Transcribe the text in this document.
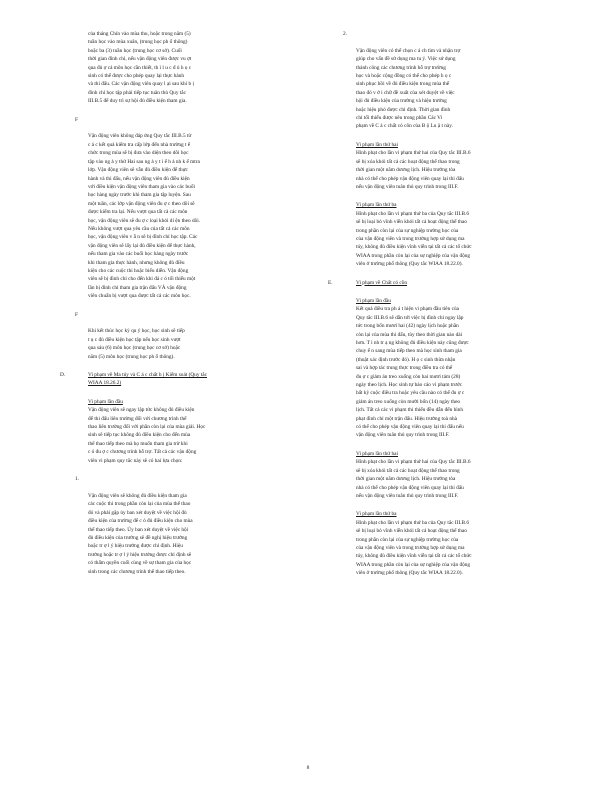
của tháng Chín vào mùa thu, hoặc trong năm (5)
tuần học vào mùa xuân, (trung học ph ố thông)
hoặc ba (3) tuần học (trung học cơ sở). Cuối
thời gian đình chỉ, nếu vận động viên được vu ợt
qua đủ ợ cả môn học cần thiết, th ì l u c đ ủ h ọ c
sinh có thể được cho phép quay lại thực hành
và thi đấu. Các vận động viên quay l ại sau khi b ị
đình chỉ học tập phải tiếp tục tuân thủ Quy tắc
III.B.5 để duy trì sự hội đủ điều kiện tham gia.

F

Vận động viên không đáp ứng Quy tắc III.B.5 từ
c ả c kết quả kiểm tra cấp lớp đến nhà trường t ể
chức trong mùa sẽ bị đưa vào diện theo dõi học
tập vào ng ả y thứ Hai sau ng ả y t i ế h ả nh k ế mtra
lớp. Vận động viên sẽ vẫn đủ điều kiện để thực
hành và thi đấu, nếu vận động viên đủ điều kiện
với điều kiện vận động viên tham gia vào các buổi
học hàng ngày trước khi tham gia tập luyện. Sau
một tuần, các lớp vận động viên đu ợ c theo dõi sẽ
được kiểm tra lại. Nếu vượt qua tất cả các môn
học, vận động viên sẽ đu ợ c loại khỏi di ện theo dõi.
Nếu không vượt qua yêu cầu của tất cả các môn
học, vận động viên v ẫ n sẽ bị đình chỉ học tập. Các
vận động viên sẽ lấy lại đủ điều kiện để thực hành,
nếu tham gia vào các buổi học hàng ngày trước
khi tham gia thực hành, nhưng không đủ điều
kiện cho các cuộc thi hoặc biểu diễn. Vận động
viên sẽ bị đình chỉ cho đến khi đá c ó tối thiểu một
lần bị đình chỉ tham gia trận đấu VÀ vận động
viên chuẩn bị vượt qua được tất cả các môn học.

F

Khi kết thúc học kỳ qu ý học, học sinh sẽ tiếp
t ụ c đủ điều kiện học tập nếu học sinh vượt
qua sáu (6) môn học (trung học cơ sở) hoặc
năm (5) môn học (trung học ph ổ thông).

D.	Vi phạm về Ma túy và C á c chất b ị Kiểm soát (Quy tắc
WIAA 18.26.2)

Vi phạm lần đầu

Vận động viên sẽ ngay lập tức không đủ điều kiện
để thi đấu liên trường đối với chương trình thể
thao liên trường đối với phần còn lại của mùa giải. Học
sinh sẽ tiếp tục không đủ điều kiện cho đến mùa
thể thao tiếp theo mà họ muốn tham gia trừ khi
c ó đu ợ c chương trình hỗ trợ. Tất cả các vận động
viên vi phạm quy tắc này sẽ có hai lựa chọn:

1.

Vận động viên sẽ không đủ điều kiện tham gia
các cuộc thi trong phần còn lại của mùa thể thao
đó và phải gặp ủy ban xét duyệt về việc hội đủ
điều kiện của trường để c ó đủ điều kiện cho mùa
thể thao tiếp theo. Ủy ban xét duyệt về việc hội
đủ điều kiện của trường sẽ đề nghị hiệu trưởng
hoặc tr ợ l ý hiệu trưởng được chỉ định. Hiệu
trưởng hoặc tr ợ l ý hiệu trưởng được chỉ định sẽ
có thẩm quyền cuối cùng về sự tham gia của học
sinh trong các chương trình thể thao tiếp theo.

2.

Vận động viên có thể chọn c á ch tìm và nhận trợ
giúp cho vấn đề sử dụng ma tu ý. Việc sử dụng
thành công các chương trình hỗ trợ trường
học và hoặc cộng đồng có thể cho phép h ọ c
sinh phục hồi về đủ điều kiện trong mùa thể
thao đó v ớ i chữ đề xuất của xét duyệt về việc
hội đủ điều kiện của trường và hiệu trưởng
hoặc hiệu phó được chỉ định. Thời gian đình
chỉ tối thiểu được nêu trong phần Các Vi
phạm về C á c chất có côn của B ộ Lu ậ t này.

Vi phạm lần thứ hai

Hình phạt cho lần vi phạm thứ hai của Quy tắc III.B.6
sẽ bị xóa khỏi tất cả các hoạt động thể thao trong
thời gian một năm dương lịch. Hiệu trưởng tòa
nhà có thể cho phép vận động viên quay lại thi đấu
nếu vận động viên tuân thủ quy trình trong III.F.

Vi phạm lần thứ ba

Hình phạt cho lần vi phạm thứ ba của Quy tắc III.B.6
sẽ bị loại bỏ vĩnh viễn khỏi tất cả hoạt động thể thao
trong phần còn lại của sự nghiệp trường học của
của vận động viên và trong trường hợp sử dụng ma
túy, không đủ điều kiện vĩnh viễn tại tất cả các tổ chức
WIAA trong phần còn lại của sự nghiệp của vận động
viên ở trường phổ thông (Quy tắc WIAA 18.22.0).

E.	Vi phạm về Chất có cồn

Vi phạm lần đầu

Kết quả điều tra ph á t hiện vi phạm đầu tiên của
Quy tắc III.B.6 sẽ dẫn tới việc bị đình chỉ ngay lập
tức trong bốn mươi hai (42) ngày lịch hoặc phần
còn lại của mùa thi đấu, tùy theo thời gian nào dài
hơn. T ì nh tr ạ ng không đủ điều kiện này cũng được
chuy ể n sang mùa tiếp theo mà học sinh tham gia
(thuật xác định trước đó). H ọ c sinh thừa nhận
sai và hợp tác trung thực trong điều tra có thể
đu ợ c giảm án treo xuống còn hai mươi tám (28)
ngày theo lịch. Học sinh tự báo cáo vi phạm trước
bất kỳ cuộc điều tra hoặc yêu cầu nào có thể đu ợ c
giảm án treo xuống còn mười bốn (14) ngày theo
lịch. Tất cả các vi phạm thi thiểu đều dẫn đến hình
phạt đình chỉ một trận đấu. Hiệu trưởng toà nhà
có thể cho phép vận động viên quay lại thi đấu nếu
vận động viên tuân thủ quy trình trong III.F.

Vi phạm lần thứ hai

Hình phạt cho lần vi phạm thứ hai của Quy tắc III.B.6
sẽ bị xóa khỏi tất cả các hoạt động thể thao trong
thời gian một năm dương lịch. Hiệu trưởng tòa
nhà có thể cho phép vận động viên quay lại thi đấu
nếu vận động viên tuân thủ quy trình trong III.F.

Vi phạm lần thứ ba

Hình phạt cho lần vi phạm thứ ba của Quy tắc III.B.6
sẽ bị loại bỏ vĩnh viễn khỏi tất cả hoạt động thể thao
trong phần còn lại của sự nghiệp trường học của
của vận động viên và trong trường hợp sử dụng ma
túy, không đủ điều kiện vĩnh viễn tại tất cả các tổ chức
WIAA trong phần còn lại của sự nghiệp của vận động
viên ở trường phổ thông (Quy tắc WIAA 18.22.0).

8
